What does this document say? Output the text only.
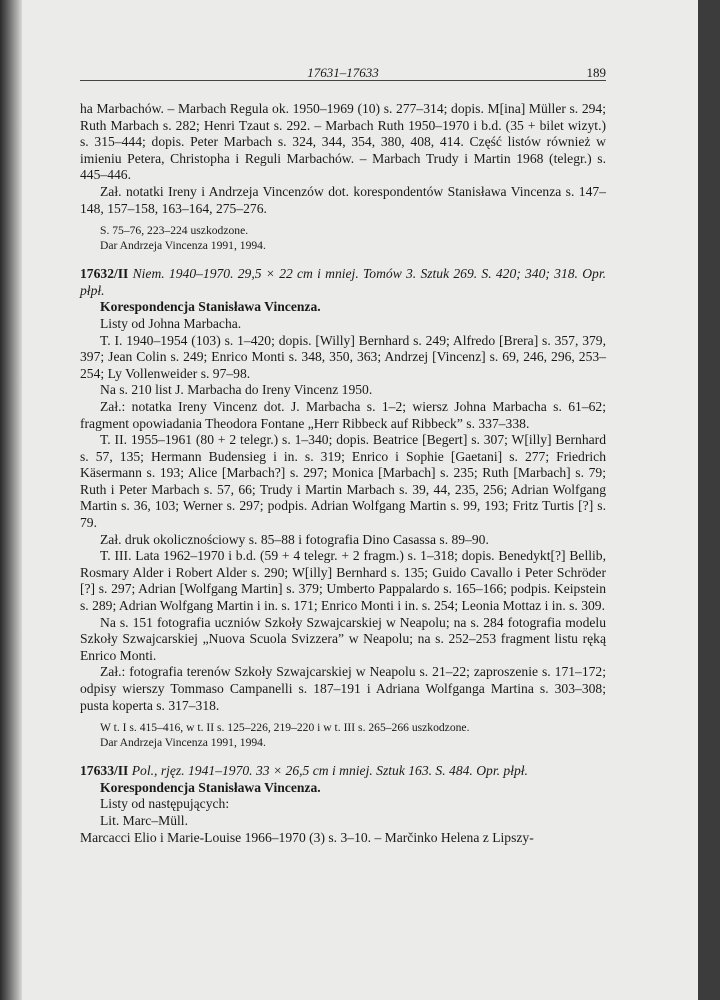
17631–17633	189

ha Marbachów. – Marbach Regula ok. 1950–1969 (10) s. 277–314; dopis. M[ina] Müller s. 294; Ruth Marbach s. 282; Henri Tzaut s. 292. – Marbach Ruth 1950–1970 i b.d. (35 + bilet wizyt.) s. 315–444; dopis. Peter Marbach s. 324, 344, 354, 380, 408, 414. Część listów również w imieniu Petera, Christopha i Reguli Marbachów. – Marbach Trudy i Martin 1968 (telegr.) s. 445–446.

Zał. notatki Ireny i Andrzeja Vincenzów dot. korespondentów Stanisława Vincenza s. 147–148, 157–158, 163–164, 275–276.

S. 75–76, 223–224 uszkodzone.

Dar Andrzeja Vincenza 1991, 1994.

17632/II Niem. 1940–1970. 29,5 × 22 cm i mniej. Tomów 3. Sztuk 269. S. 420; 340; 318. Opr. płpł.

Korespondencja Stanisława Vincenza.

Listy od Johna Marbacha.

T. I. 1940–1954 (103) s. 1–420; dopis. [Willy] Bernhard s. 249; Alfredo [Brera] s. 357, 379, 397; Jean Colin s. 249; Enrico Monti s. 348, 350, 363; Andrzej [Vincenz] s. 69, 246, 296, 253–254; Ly Vollenweider s. 97–98.

Na s. 210 list J. Marbacha do Ireny Vincenz 1950.

Zał.: notatka Ireny Vincenz dot. J. Marbacha s. 1–2; wiersz Johna Marbacha s. 61–62; fragment opowiadania Theodora Fontane „Herr Ribbeck auf Ribbeck” s. 337–338.

T. II. 1955–1961 (80 + 2 telegr.) s. 1–340; dopis. Beatrice [Begert] s. 307; W[illy] Bernhard s. 57, 135; Hermann Budensieg i in. s. 319; Enrico i Sophie [Gaetani] s. 277; Friedrich Käsermann s. 193; Alice [Marbach?] s. 297; Monica [Marbach] s. 235; Ruth [Marbach] s. 79; Ruth i Peter Marbach s. 57, 66; Trudy i Martin Marbach s. 39, 44, 235, 256; Adrian Wolfgang Martin s. 36, 103; Werner s. 297; podpis. Adrian Wolfgang Martin s. 99, 193; Fritz Turtis [?] s. 79.

Zał. druk okolicznościowy s. 85–88 i fotografia Dino Casassa s. 89–90.

T. III. Lata 1962–1970 i b.d. (59 + 4 telegr. + 2 fragm.) s. 1–318; dopis. Benedykt[?] Bellib, Rosmary Alder i Robert Alder s. 290; W[illy] Bernhard s. 135; Guido Cavallo i Peter Schröder [?] s. 297; Adrian [Wolfgang Martin] s. 379; Umberto Pappalardo s. 165–166; podpis. Keipstein s. 289; Adrian Wolfgang Martin i in. s. 171; Enrico Monti i in. s. 254; Leonia Mottaz i in. s. 309.

Na s. 151 fotografia uczniów Szkoły Szwajcarskiej w Neapolu; na s. 284 fotografia modelu Szkoły Szwajcarskiej „Nuova Scuola Svizzera” w Neapolu; na s. 252–253 fragment listu ręką Enrico Monti.

Zał.: fotografia terenów Szkoły Szwajcarskiej w Neapolu s. 21–22; zaproszenie s. 171–172; odpisy wierszy Tommaso Campanelli s. 187–191 i Adriana Wolfganga Martina s. 303–308; pusta koperta s. 317–318.

W t. I s. 415–416, w t. II s. 125–226, 219–220 i w t. III s. 265–266 uszkodzone.

Dar Andrzeja Vincenza 1991, 1994.

17633/II Pol., rjęz. 1941–1970. 33 × 26,5 cm i mniej. Sztuk 163. S. 484. Opr. płpł.

Korespondencja Stanisława Vincenza.

Listy od następujących:

Lit. Marc–Müll.

Marcacci Elio i Marie-Louise 1966–1970 (3) s. 3–10. – Marčinko Helena z Lipszy-
